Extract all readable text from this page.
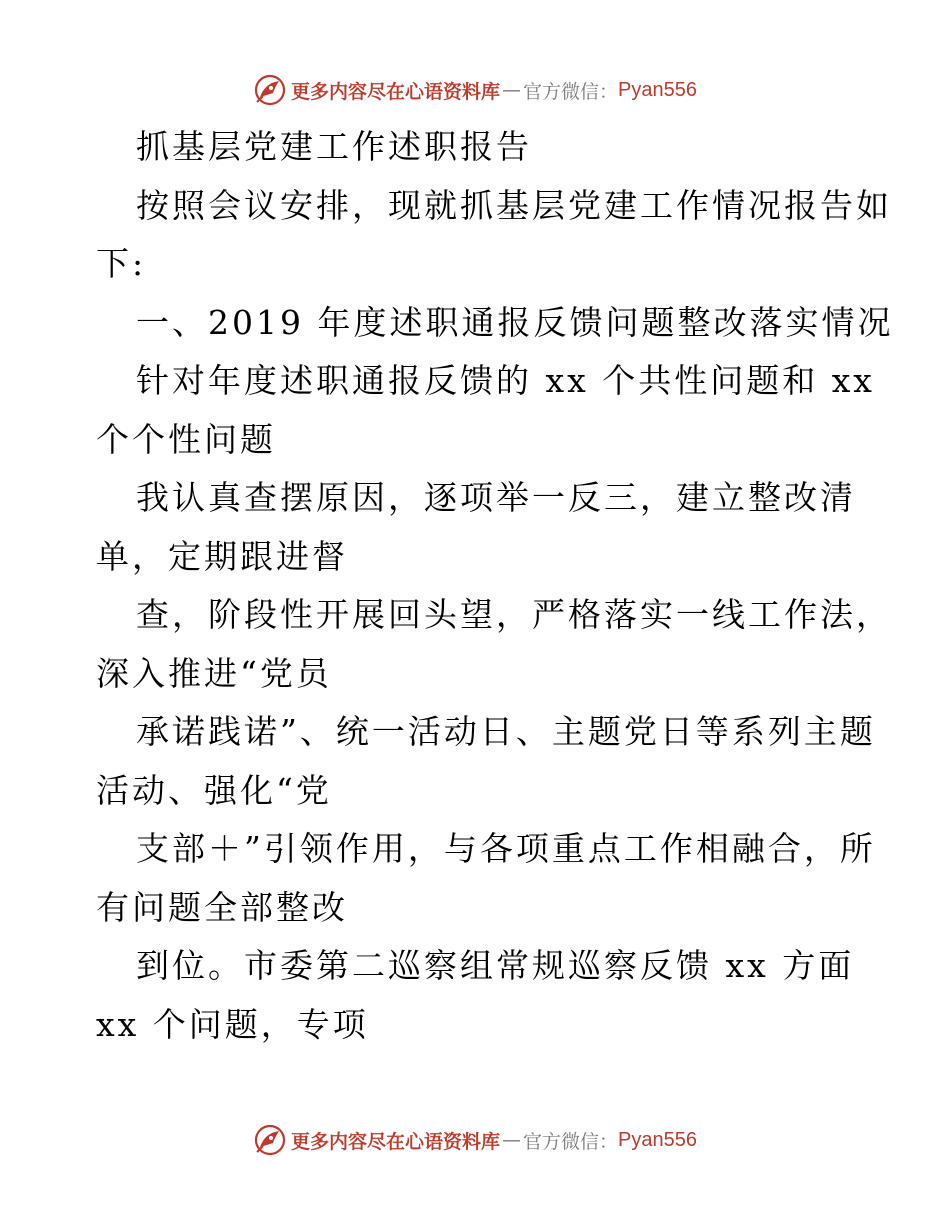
更多内容尽在心语资料库 — 官方微信： Pyan556
抓基层党建工作述职报告
按照会议安排，现就抓基层党建工作情况报告如
下:
一、2019 年度述职通报反馈问题整改落实情况
针对年度述职通报反馈的 xx 个共性问题和 xx
个个性问题
我认真查摆原因，逐项举一反三，建立整改清
单，定期跟进督
查，阶段性开展回头望，严格落实一线工作法，
深入推进“党员
承诺践诺”、统一活动日、主题党日等系列主题
活动、强化“党
支部＋”引领作用，与各项重点工作相融合，所
有问题全部整改
到位。市委第二巡察组常规巡察反馈 xx 方面
xx 个问题，专项
更多内容尽在心语资料库 — 官方微信： Pyan556
